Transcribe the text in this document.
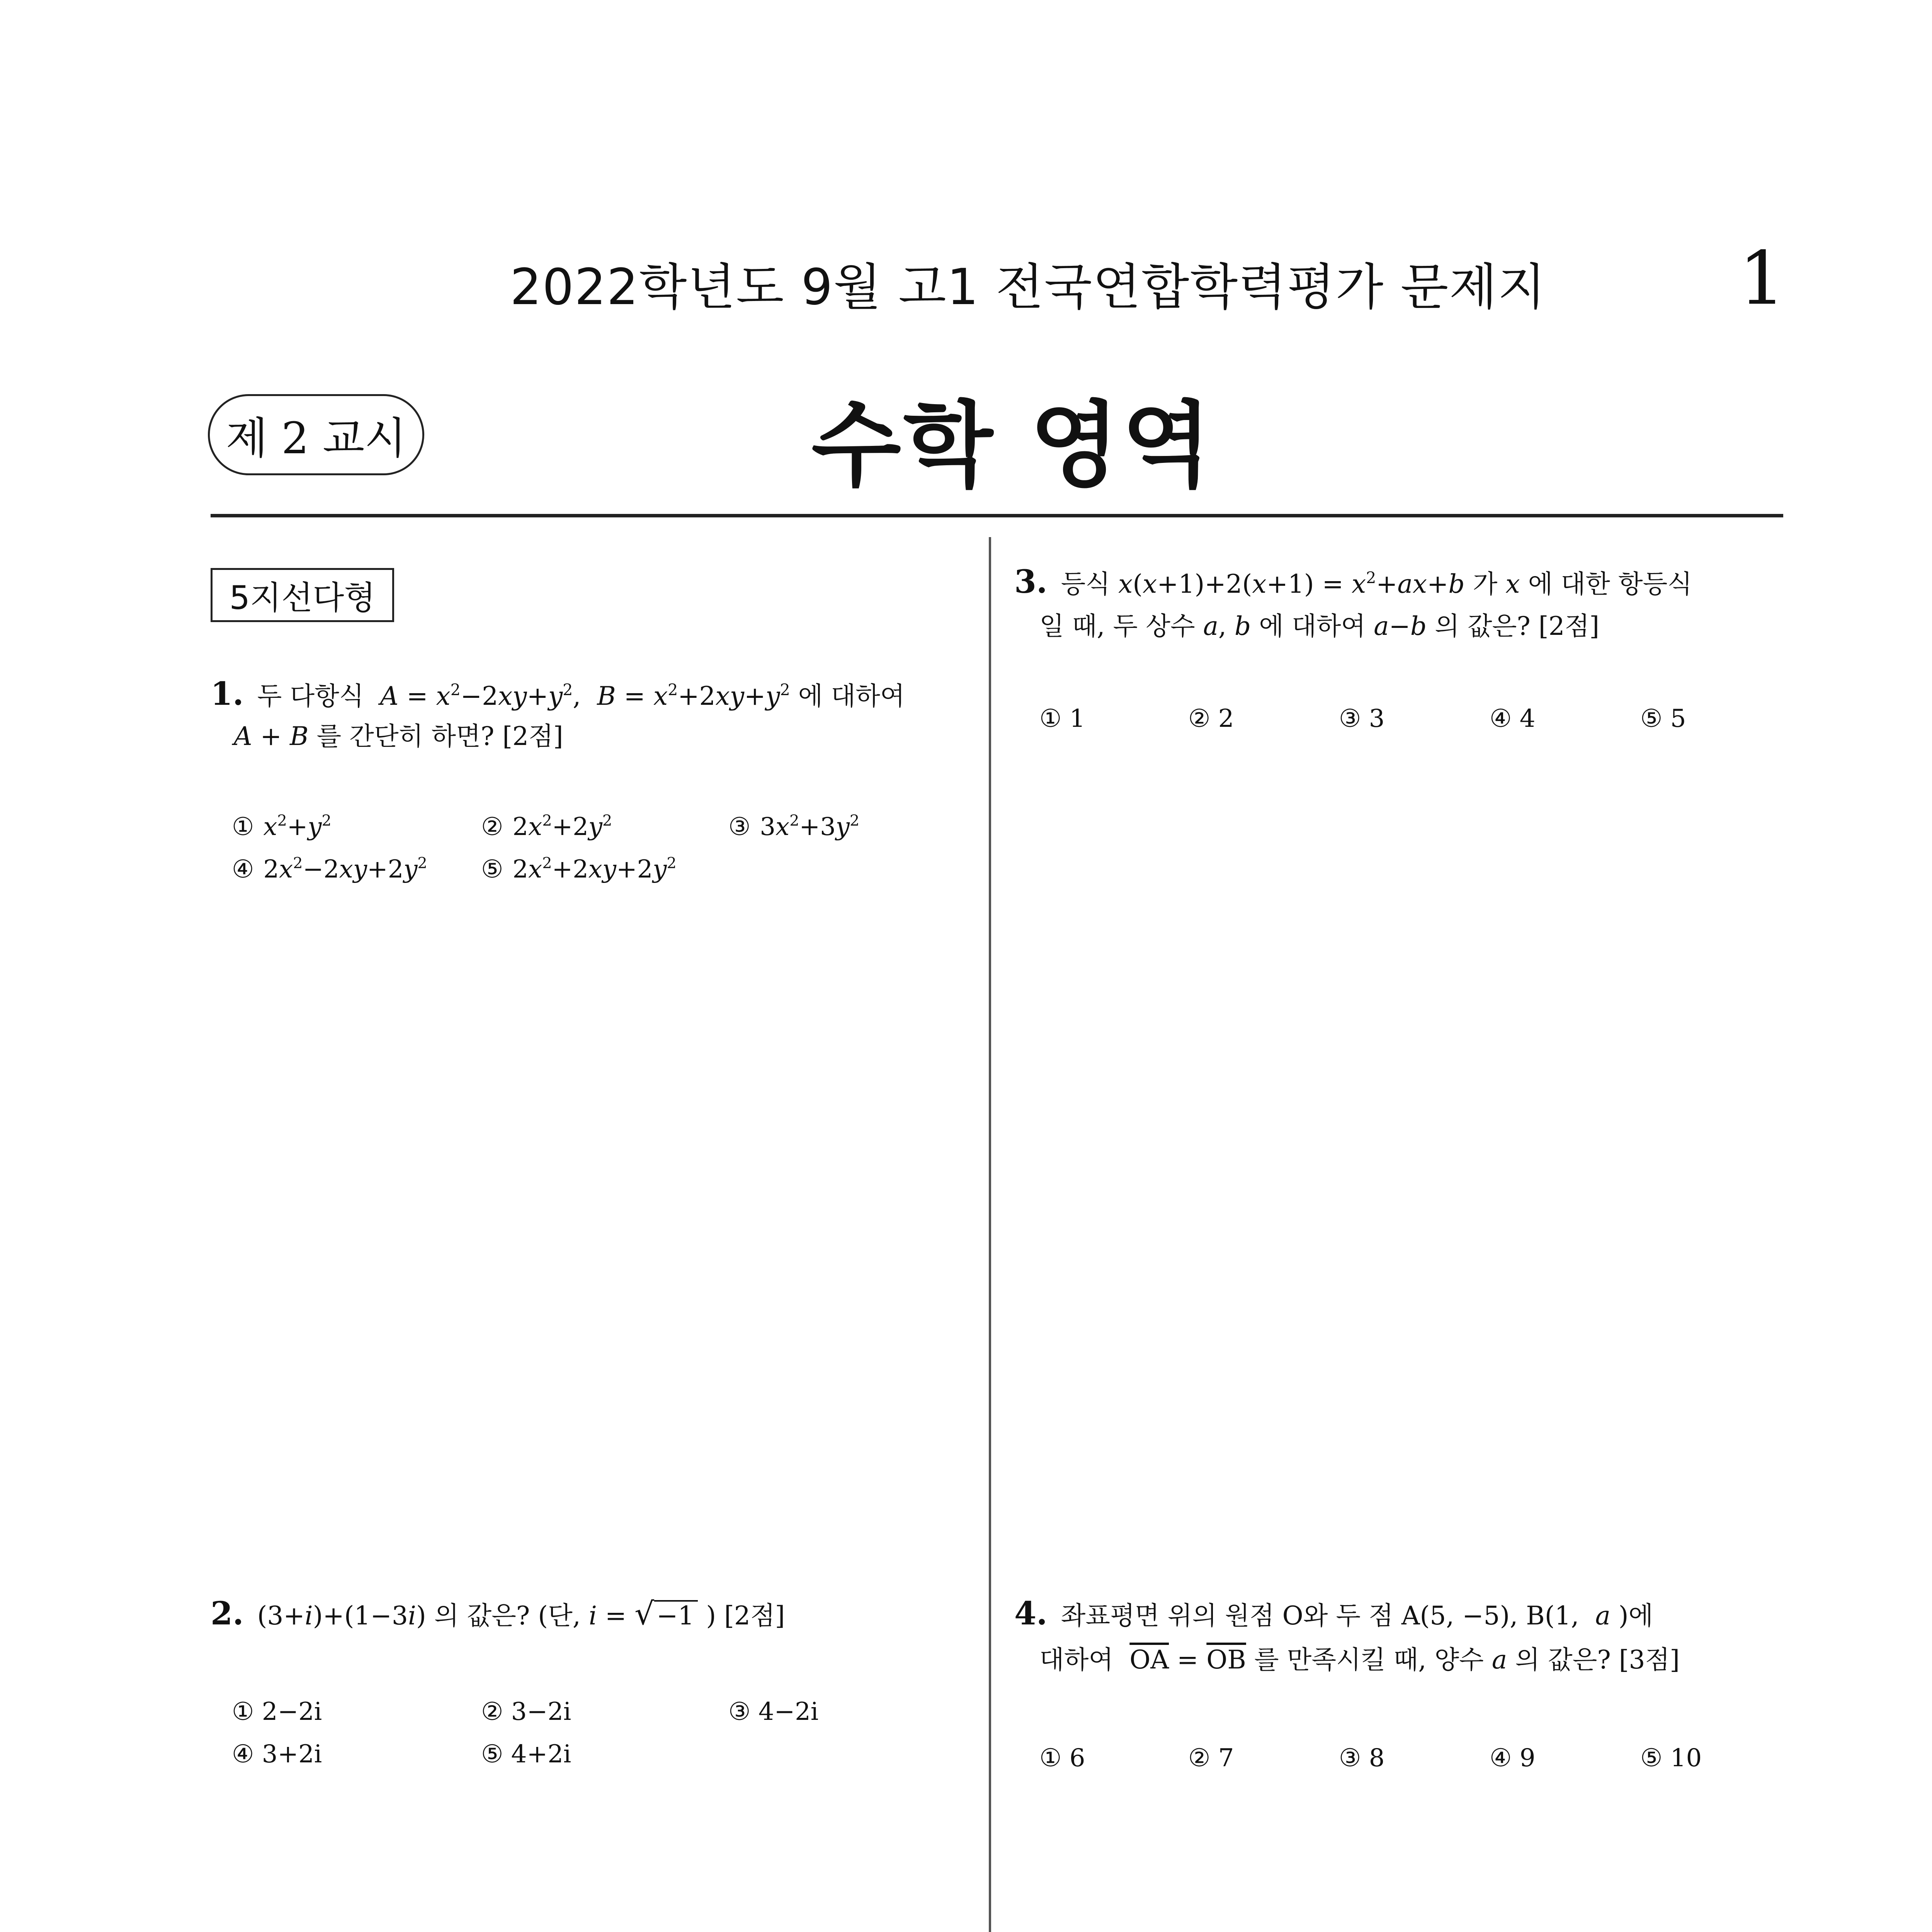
2022학년도 9월 고1 전국연합학력평가 문제지	1
제 2 교시	수학 영역
5지선다형
1. 두 다항식  $A = x^2-2xy+y^2$,  $B = x^2+2xy+y^2$ 에 대하여
A + B 를 간단히 하면? [2점]
① $x^2+y^2$	② $2x^2+2y^2$	③ $3x^2+3y^2$
④ $2x^2-2xy+2y^2$ ⑤ $2x^2+2xy+2y^2$
2. (3+i)+(1−3i) 의 값은? (단, i = √−1 ) [2점]
① 2−2i	② 3−2i	③ 4−2i
④ 3+2i	⑤ 4+2i
3. 등식 $x(x+1)+2(x+1) = x^2+ax+b$ 가 x 에 대한 항등식
일 때, 두 상수 a, b 에 대하여 a−b 의 값은? [2점]
① 1	② 2	③ 3	④ 4	⑤ 5
4. 좌표평면 위의 원점 O와 두 점 A(5, −5), B(1,  a )에
대하여 $\overline{OA} = \overline{OB}$ 를 만족시킬 때, 양수 a 의 값은? [3점]
① 6	② 7	③ 8	④ 9	⑤ 10
